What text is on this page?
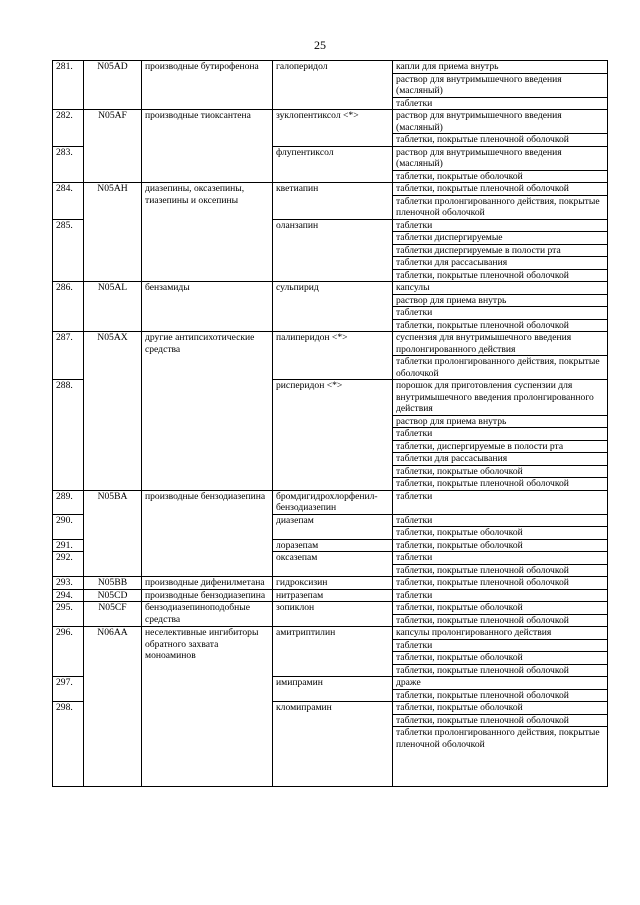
25
281.	N05AD	производные бутирофенона	галоперидол	капли для приема внутрь
				раствор для внутримышечного введения (масляный)
				таблетки
282.	N05AF	производные тиоксантена	зуклопентиксол <*>	раствор для внутримышечного введения (масляный)
				таблетки, покрытые пленочной оболочкой
283.			флупентиксол	раствор для внутримышечного введения (масляный)
				таблетки, покрытые оболочкой
284.	N05AH	диазепины, оксазепины, тиазепины и оксепины	кветиапин	таблетки, покрытые пленочной оболочкой
				таблетки пролонгированного действия, покрытые пленочной оболочкой
285.			оланзапин	таблетки
				таблетки диспергируемые
				таблетки диспергируемые в полости рта
				таблетки для рассасывания
				таблетки, покрытые пленочной оболочкой
286.	N05AL	бензамиды	сульпирид	капсулы
				раствор для приема внутрь
				таблетки
				таблетки, покрытые пленочной оболочкой
287.	N05AX	другие антипсихотические средства	палиперидон <*>	суспензия для внутримышечного введения пролонгированного действия
				таблетки пролонгированного действия, покрытые оболочкой
288.			рисперидон <*>	порошок для приготовления суспензии для внутримышечного введения пролонгированного действия
				раствор для приема внутрь
				таблетки
				таблетки, диспергируемые в полости рта
				таблетки для рассасывания
				таблетки, покрытые оболочкой
				таблетки, покрытые пленочной оболочкой
289.	N05BA	производные бензодиазепина	бромдигидрохлорфенил-бензодиазепин	таблетки
290.			диазепам	таблетки
				таблетки, покрытые оболочкой
291.			лоразепам	таблетки, покрытые оболочкой
292.			оксазепам	таблетки
				таблетки, покрытые пленочной оболочкой
293.	N05BB	производные дифенилметана	гидроксизин	таблетки, покрытые пленочной оболочкой
294.	N05CD	производные бензодиазепина	нитразепам	таблетки
295.	N05CF	бензодиазепиноподобные средства	зопиклон	таблетки, покрытые оболочкой
				таблетки, покрытые пленочной оболочкой
296.	N06AA	неселективные ингибиторы обратного захвата моноаминов	амитриптилин	капсулы пролонгированного действия
				таблетки
				таблетки, покрытые оболочкой
				таблетки, покрытые пленочной оболочкой
297.			имипрамин	драже
				таблетки, покрытые пленочной оболочкой
298.			кломипрамин	таблетки, покрытые оболочкой
				таблетки, покрытые пленочной оболочкой
				таблетки пролонгированного действия, покрытые пленочной оболочкой
